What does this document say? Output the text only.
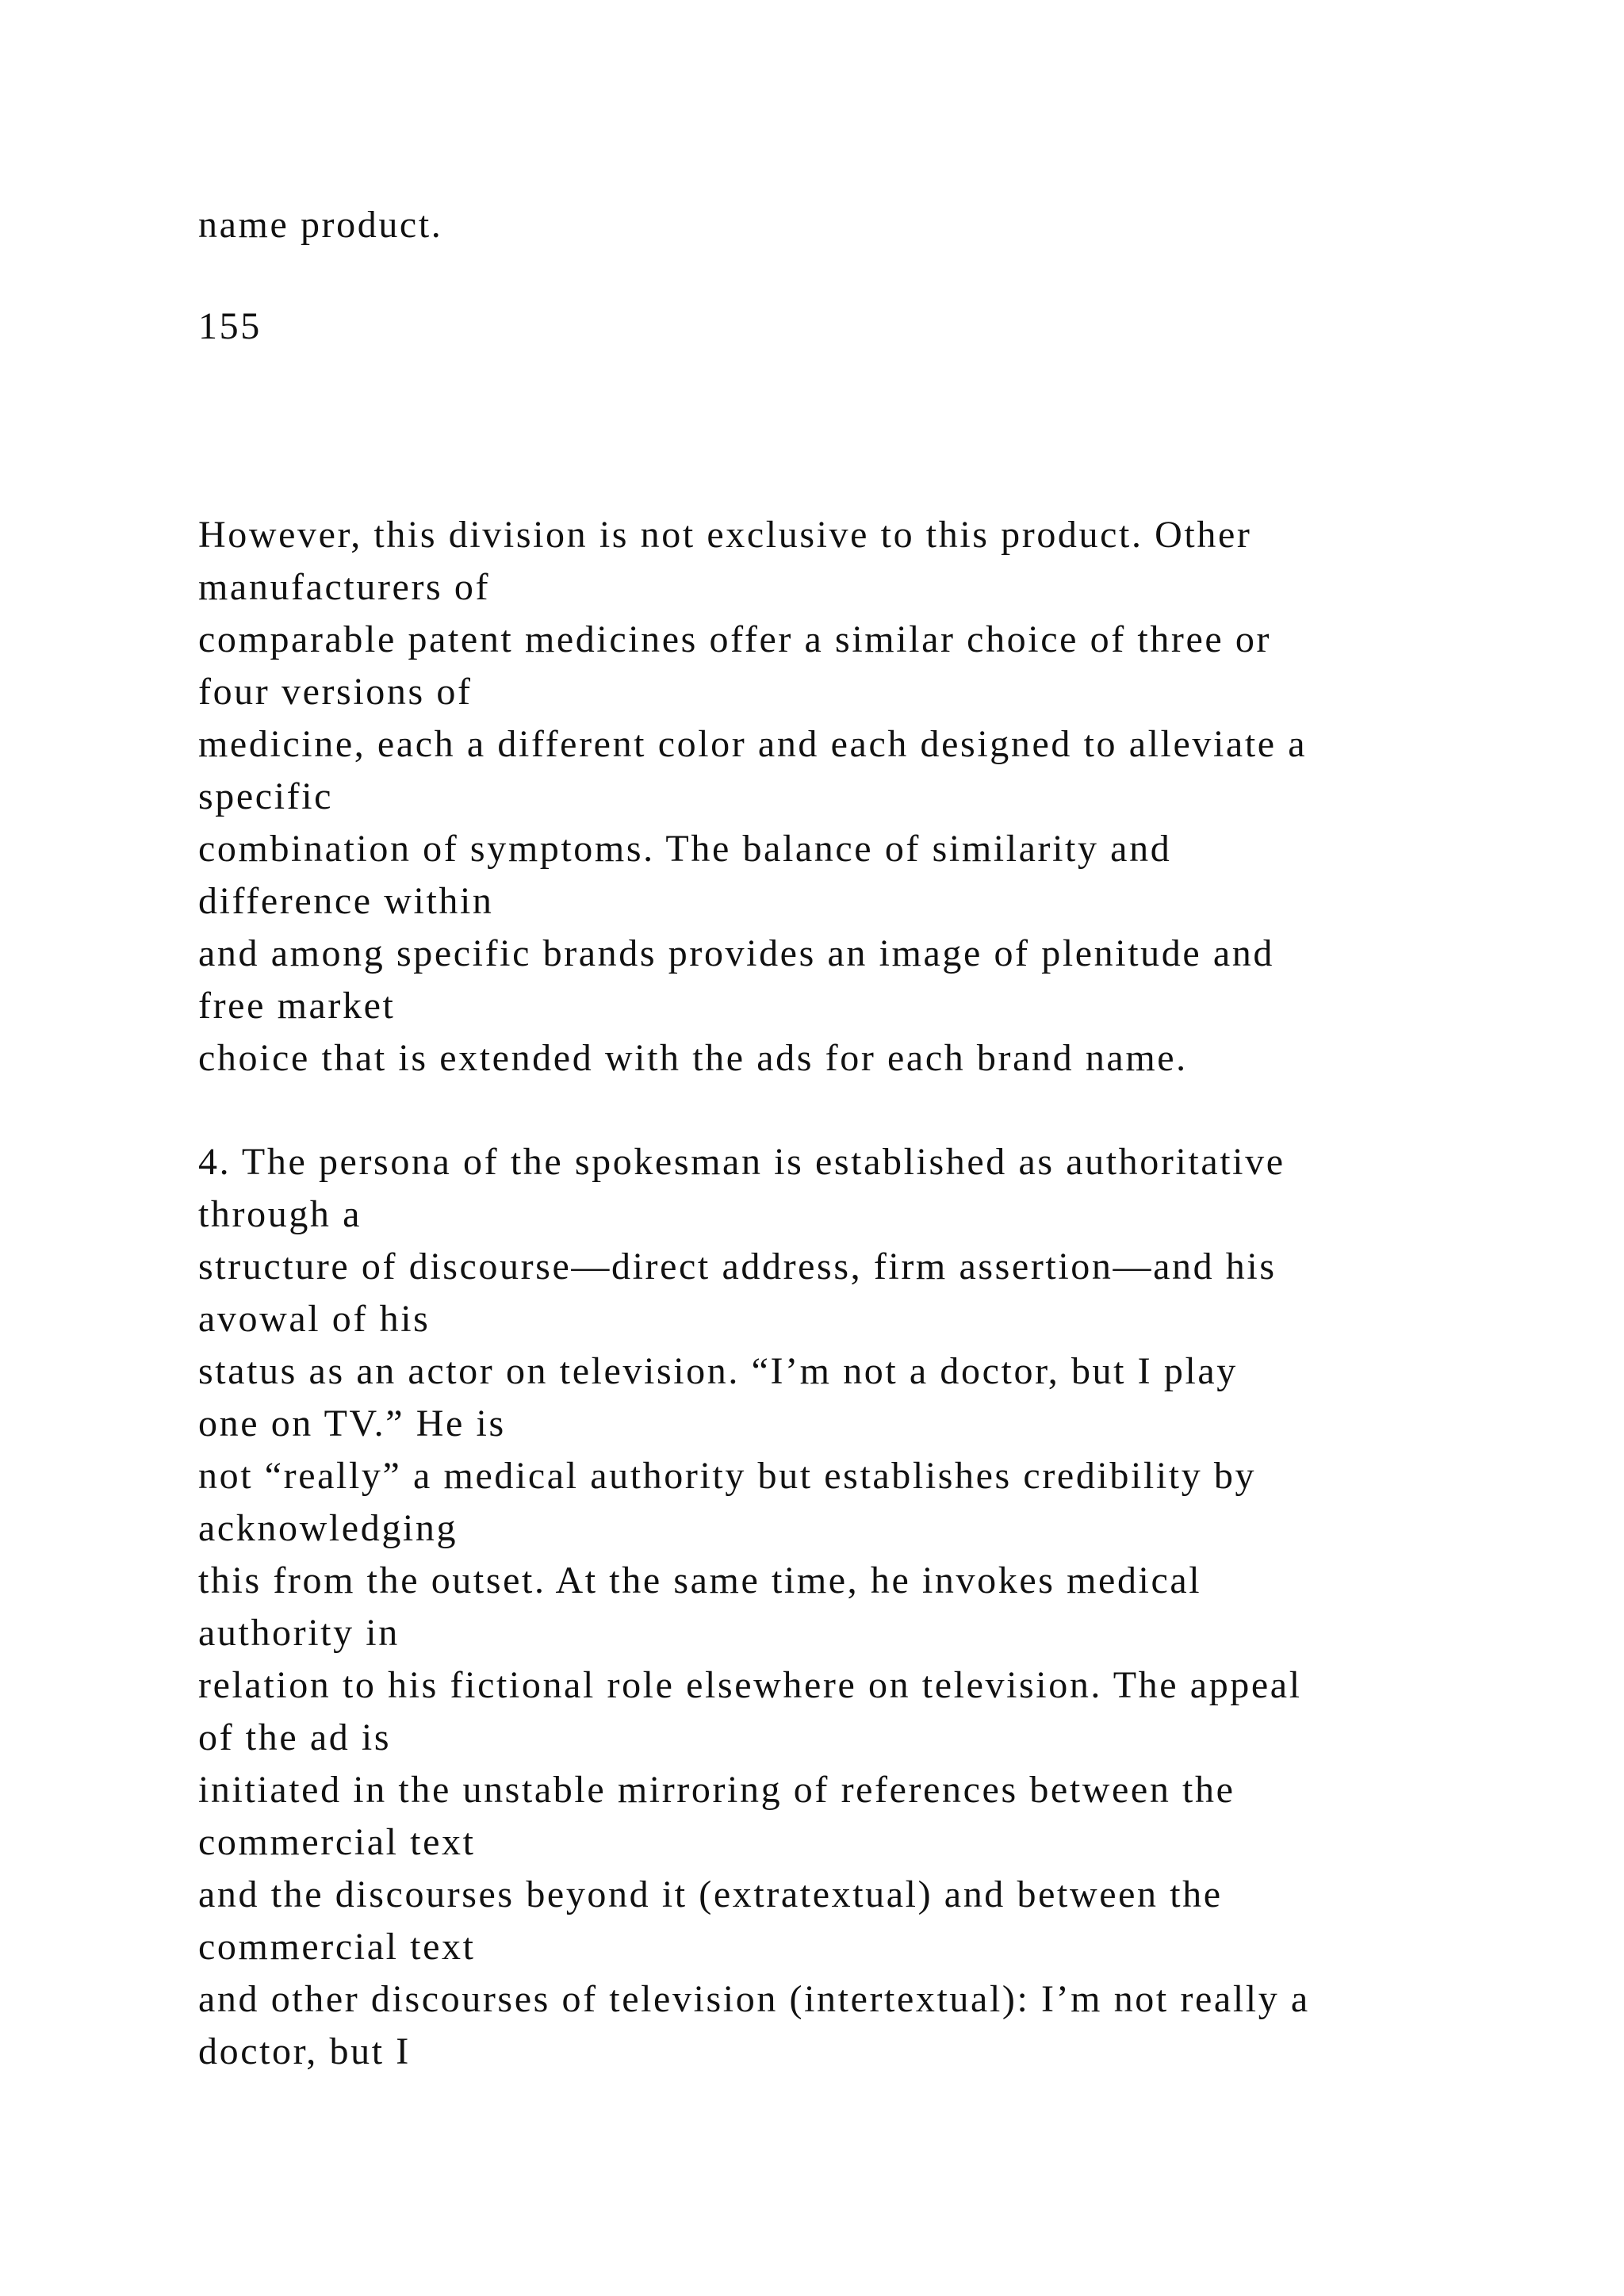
name product.
155
However, this division is not exclusive to this product. Other
manufacturers of
comparable patent medicines offer a similar choice of three or
four versions of
medicine, each a different color and each designed to alleviate a
specific
combination of symptoms. The balance of similarity and
difference within
and among specific brands provides an image of plenitude and
free market
choice that is extended with the ads for each brand name.
4. The persona of the spokesman is established as authoritative
through a
structure of discourse—direct address, firm assertion—and his
avowal of his
status as an actor on television. “I’m not a doctor, but I play
one on TV.” He is
not “really” a medical authority but establishes credibility by
acknowledging
this from the outset. At the same time, he invokes medical
authority in
relation to his fictional role elsewhere on television. The appeal
of the ad is
initiated in the unstable mirroring of references between the
commercial text
and the discourses beyond it (extratextual) and between the
commercial text
and other discourses of television (intertextual): I’m not really a
doctor, but I
